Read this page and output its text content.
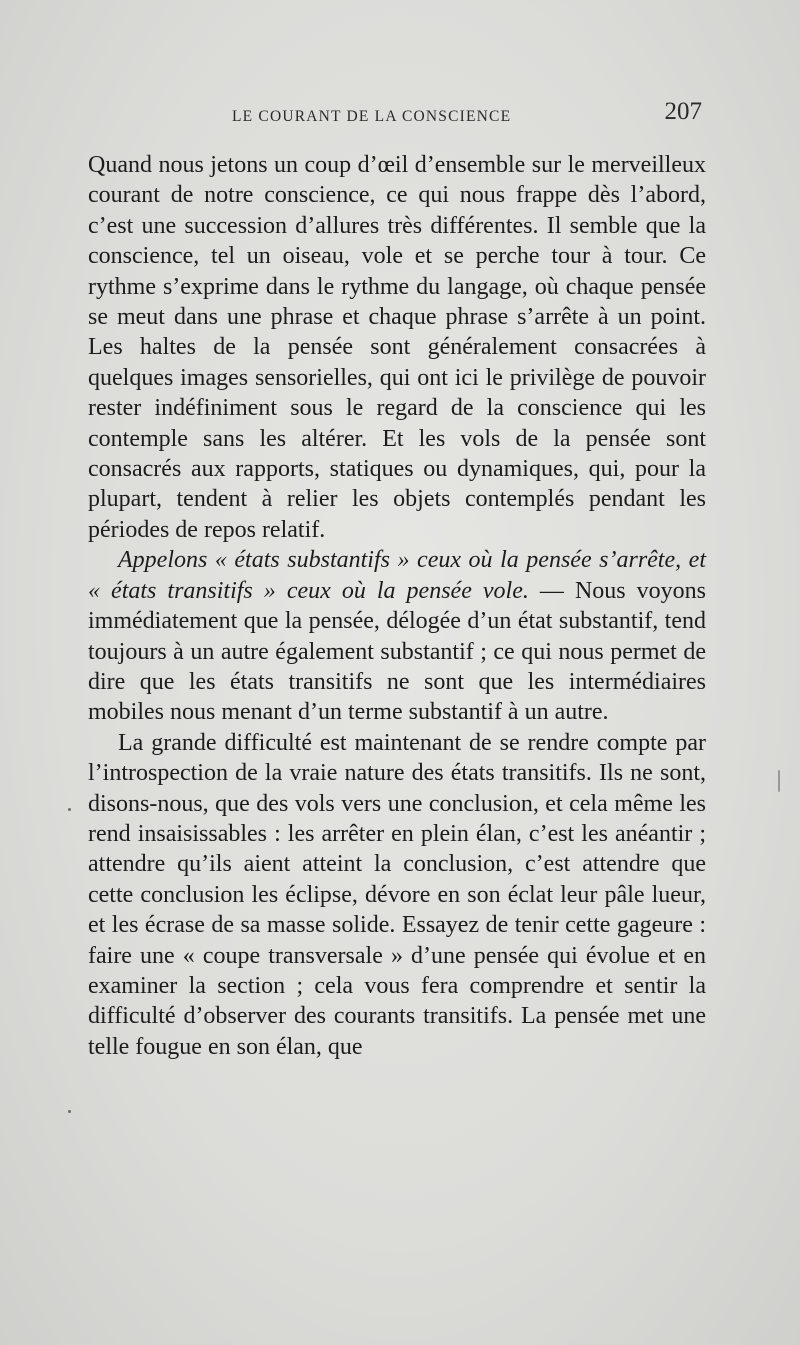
LE COURANT DE LA CONSCIENCE	207

Quand nous jetons un coup d’œil d’ensemble sur le merveilleux courant de notre conscience, ce qui nous frappe dès l’abord, c’est une succession d’allures très différentes. Il semble que la conscience, tel un oiseau, vole et se perche tour à tour. Ce rythme s’exprime dans le rythme du langage, où chaque pensée se meut dans une phrase et chaque phrase s’arrête à un point. Les haltes de la pensée sont généralement consacrées à quelques images sensorielles, qui ont ici le privilège de pouvoir rester indéfiniment sous le regard de la conscience qui les contemple sans les altérer. Et les vols de la pensée sont consacrés aux rapports, statiques ou dynamiques, qui, pour la plupart, tendent à relier les objets contemplés pendant les périodes de repos relatif.

Appelons « états substantifs » ceux où la pensée s’arrête, et « états transitifs » ceux où la pensée vole. — Nous voyons immédiatement que la pensée, délogée d’un état substantif, tend toujours à un autre également substantif ; ce qui nous permet de dire que les états transitifs ne sont que les intermédiaires mobiles nous menant d’un terme substantif à un autre.

La grande difficulté est maintenant de se rendre compte par l’introspection de la vraie nature des états transitifs. Ils ne sont, disons-nous, que des vols vers une conclusion, et cela même les rend insaisissables : les arrêter en plein élan, c’est les anéantir ; attendre qu’ils aient atteint la conclusion, c’est attendre que cette conclusion les éclipse, dévore en son éclat leur pâle lueur, et les écrase de sa masse solide. Essayez de tenir cette gageure : faire une « coupe transversale » d’une pensée qui évolue et en examiner la section ; cela vous fera comprendre et sentir la difficulté d’observer des courants transitifs. La pensée met une telle fougue en son élan, que
